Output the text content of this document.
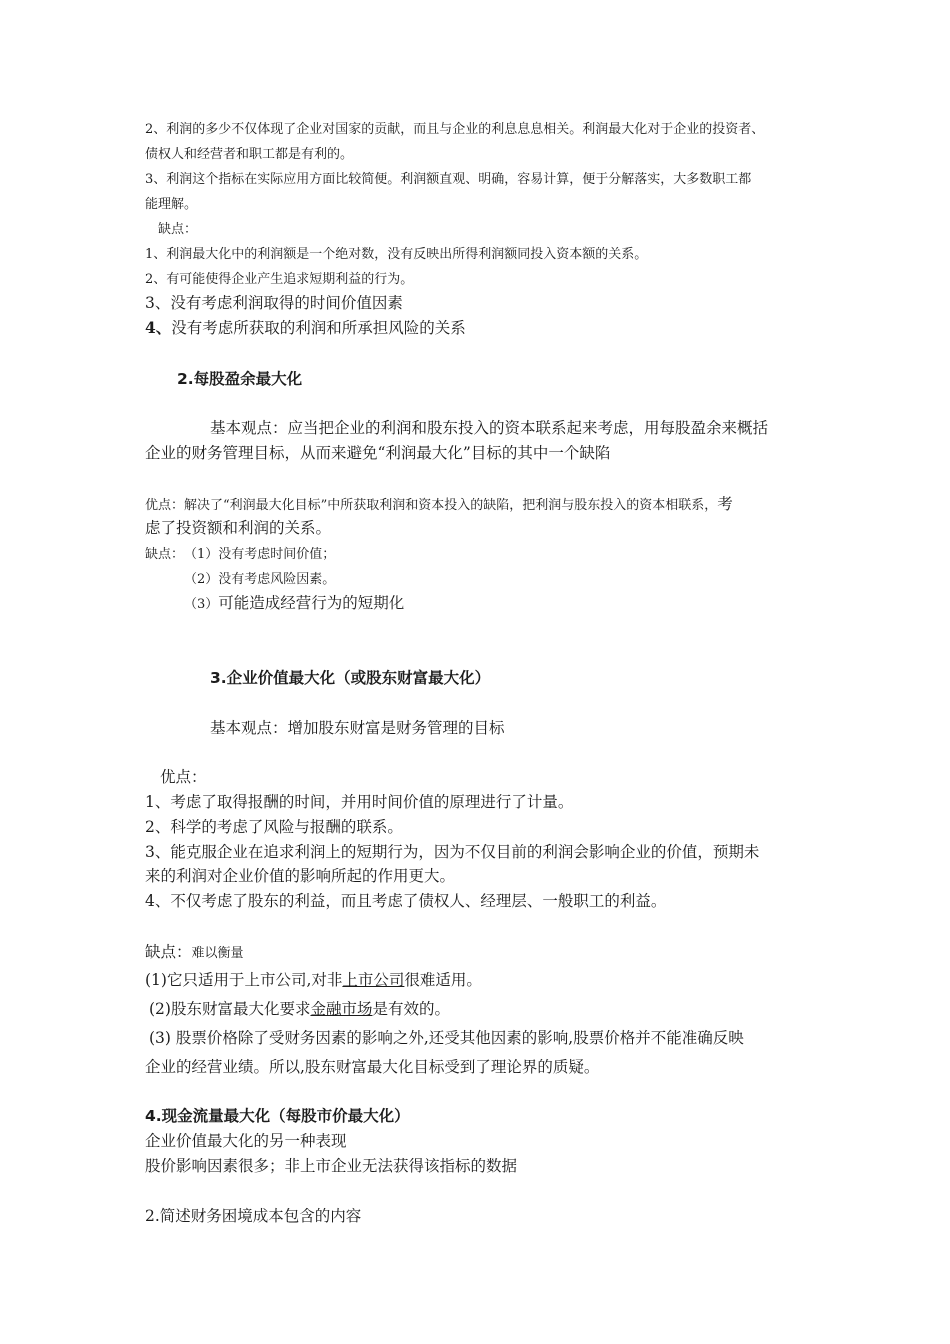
2、利润的多少不仅体现了企业对国家的贡献，而且与企业的利息息息相关。利润最大化对于企业的投资者、
债权人和经营者和职工都是有利的。
3、利润这个指标在实际应用方面比较简便。利润额直观、明确，容易计算，便于分解落实，大多数职工都
能理解。
缺点：
1、利润最大化中的利润额是一个绝对数，没有反映出所得利润额同投入资本额的关系。
2、有可能使得企业产生追求短期利益的行为。
3、没有考虑利润取得的时间价值因素
4、没有考虑所获取的利润和所承担风险的关系
2.每股盈余最大化
基本观点：应当把企业的利润和股东投入的资本联系起来考虑，用每股盈余来概括
企业的财务管理目标，从而来避免“利润最大化”目标的其中一个缺陷
优点：解决了“利润最大化目标”中所获取利润和资本投入的缺陷，把利润与股东投入的资本相联系，考
虑了投资额和利润的关系。
缺点： （1）没有考虑时间价值；
（2）没有考虑风险因素。
（3）可能造成经营行为的短期化
3.企业价值最大化（或股东财富最大化）
基本观点：增加股东财富是财务管理的目标
优点：
1、考虑了取得报酬的时间，并用时间价值的原理进行了计量。
2、科学的考虑了风险与报酬的联系。
3、能克服企业在追求利润上的短期行为，因为不仅目前的利润会影响企业的价值，预期未
来的利润对企业价值的影响所起的作用更大。
4、不仅考虑了股东的利益，而且考虑了债权人、经理层、一般职工的利益。
缺点：难以衡量
(1)它只适用于上市公司,对非上市公司很难适用。
(2)股东财富最大化要求金融市场是有效的。
(3) 股票价格除了受财务因素的影响之外,还受其他因素的影响,股票价格并不能准确反映
企业的经营业绩。所以,股东财富最大化目标受到了理论界的质疑。
4.现金流量最大化（每股市价最大化）
企业价值最大化的另一种表现
股价影响因素很多；非上市企业无法获得该指标的数据
2.简述财务困境成本包含的内容
